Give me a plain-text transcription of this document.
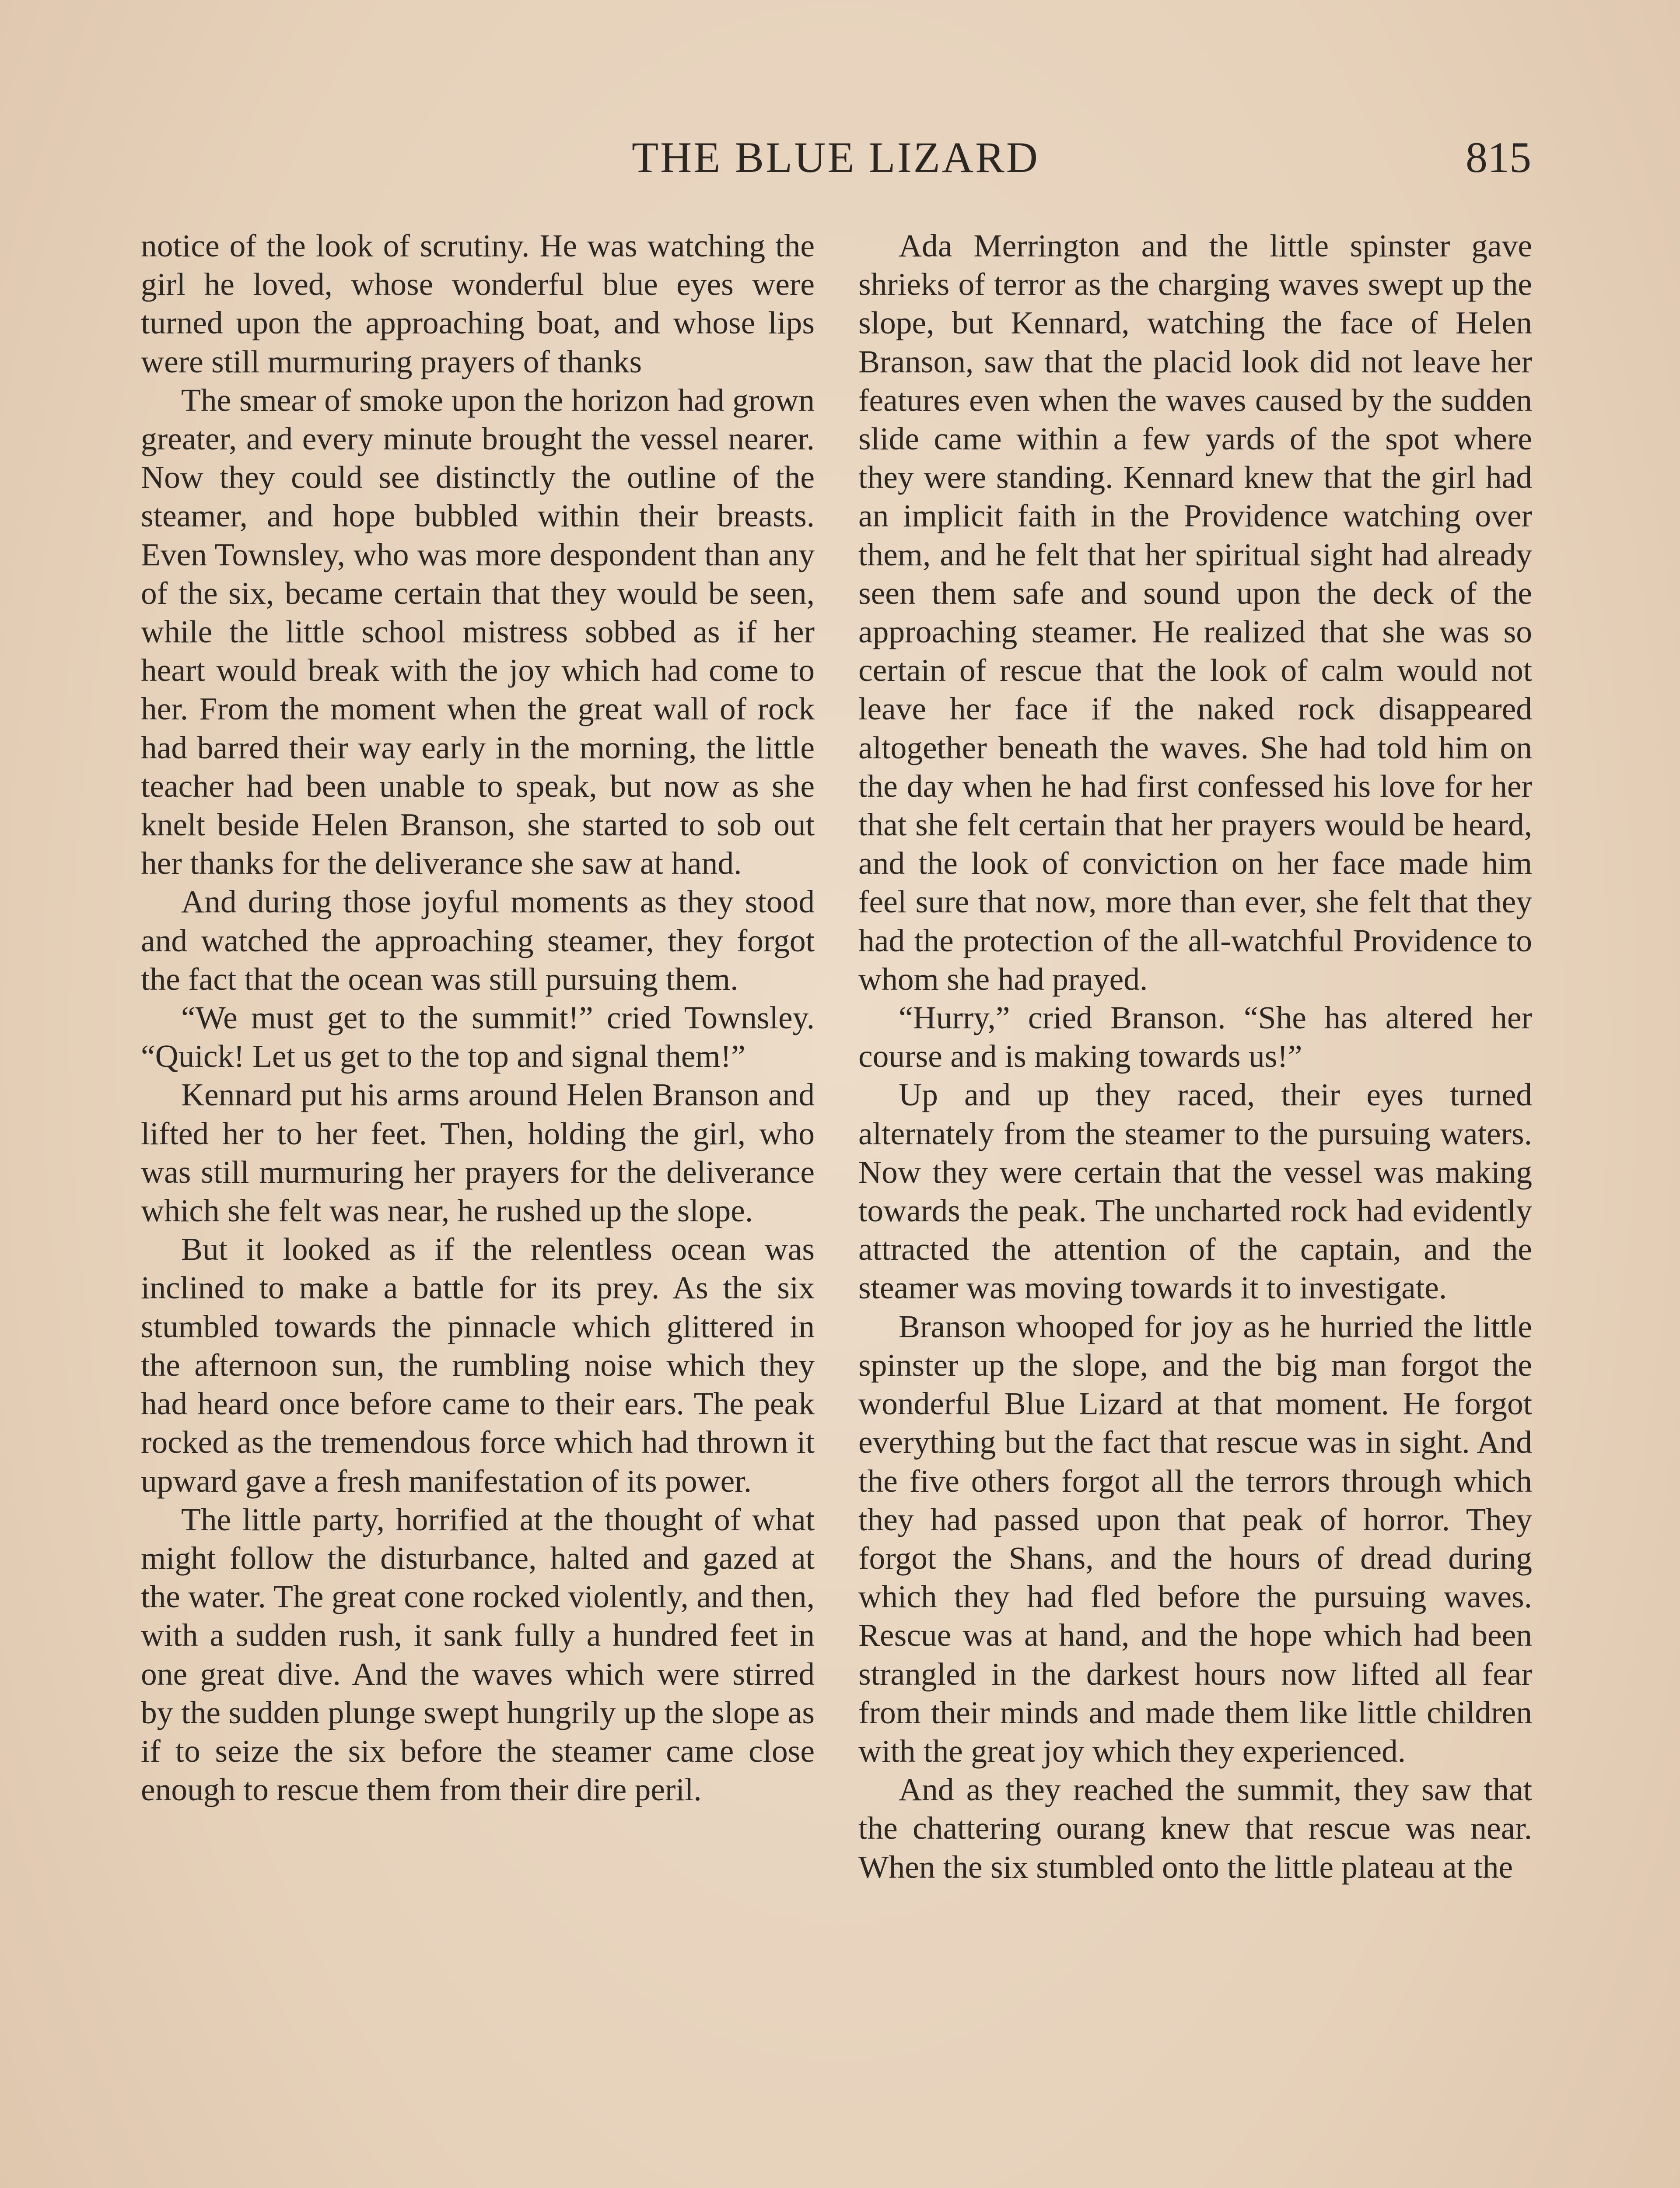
THE BLUE LIZARD	815

notice of the look of scrutiny. He was watching the girl he loved, whose wonderful blue eyes were turned upon the approaching boat, and whose lips were still murmuring prayers of thanks

The smear of smoke upon the horizon had grown greater, and every minute brought the vessel nearer. Now they could see distinctly the outline of the steamer, and hope bubbled within their breasts. Even Townsley, who was more despondent than any of the six, became certain that they would be seen, while the little school mistress sobbed as if her heart would break with the joy which had come to her. From the moment when the great wall of rock had barred their way early in the morning, the little teacher had been unable to speak, but now as she knelt beside Helen Branson, she started to sob out her thanks for the deliverance she saw at hand.

And during those joyful moments as they stood and watched the approaching steamer, they forgot the fact that the ocean was still pursuing them.

“We must get to the summit!” cried Townsley. “Quick! Let us get to the top and signal them!”

Kennard put his arms around Helen Branson and lifted her to her feet. Then, holding the girl, who was still murmuring her prayers for the deliverance which she felt was near, he rushed up the slope.

But it looked as if the relentless ocean was inclined to make a battle for its prey. As the six stumbled towards the pinnacle which glittered in the afternoon sun, the rumbling noise which they had heard once before came to their ears. The peak rocked as the tremendous force which had thrown it upward gave a fresh manifestation of its power.

The little party, horrified at the thought of what might follow the disturbance, halted and gazed at the water. The great cone rocked violently, and then, with a sudden rush, it sank fully a hundred feet in one great dive. And the waves which were stirred by the sudden plunge swept hungrily up the slope as if to seize the six before the steamer came close enough to rescue them from their dire peril.

Ada Merrington and the little spinster gave shrieks of terror as the charging waves swept up the slope, but Kennard, watching the face of Helen Branson, saw that the placid look did not leave her features even when the waves caused by the sudden slide came within a few yards of the spot where they were standing. Kennard knew that the girl had an implicit faith in the Providence watching over them, and he felt that her spiritual sight had already seen them safe and sound upon the deck of the approaching steamer. He realized that she was so certain of rescue that the look of calm would not leave her face if the naked rock disappeared altogether beneath the waves. She had told him on the day when he had first confessed his love for her that she felt certain that her prayers would be heard, and the look of conviction on her face made him feel sure that now, more than ever, she felt that they had the protection of the all-watchful Providence to whom she had prayed.

“Hurry,” cried Branson. “She has altered her course and is making towards us!”

Up and up they raced, their eyes turned alternately from the steamer to the pursuing waters. Now they were certain that the vessel was making towards the peak. The uncharted rock had evidently attracted the attention of the captain, and the steamer was moving towards it to investigate.

Branson whooped for joy as he hurried the little spinster up the slope, and the big man forgot the wonderful Blue Lizard at that moment. He forgot everything but the fact that rescue was in sight. And the five others forgot all the terrors through which they had passed upon that peak of horror. They forgot the Shans, and the hours of dread during which they had fled before the pursuing waves. Rescue was at hand, and the hope which had been strangled in the darkest hours now lifted all fear from their minds and made them like little children with the great joy which they experienced.

And as they reached the summit, they saw that the chattering ourang knew that rescue was near. When the six stumbled onto the little plateau at the
